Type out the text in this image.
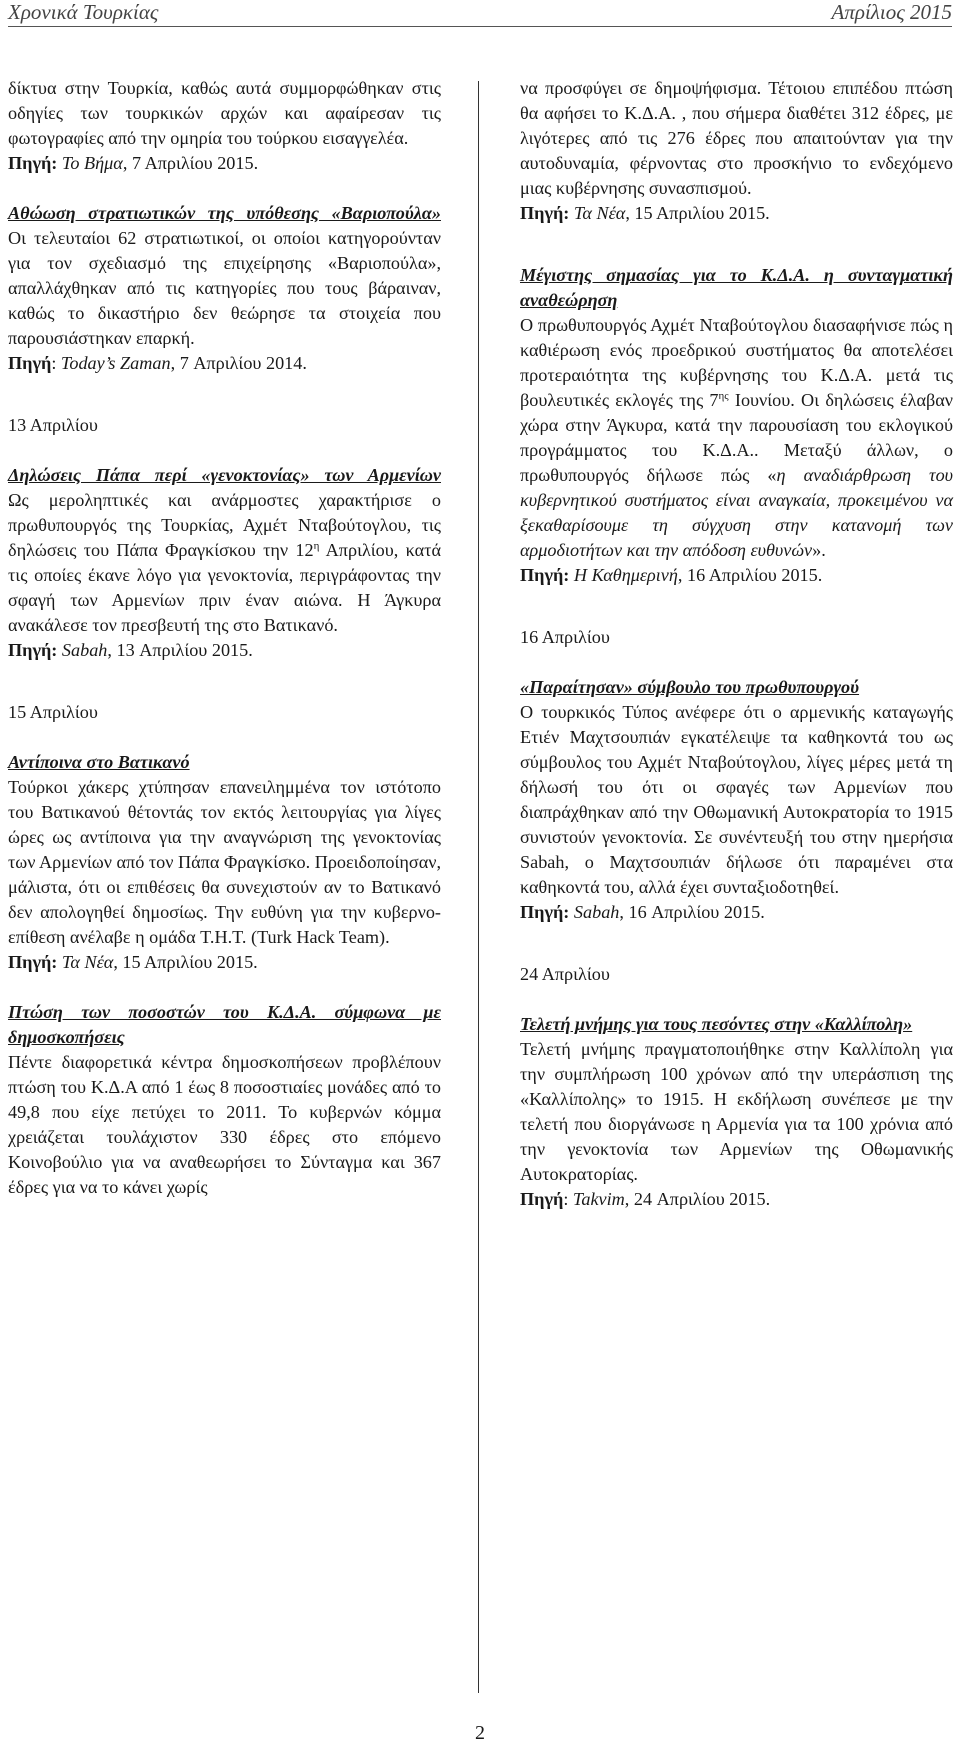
Χρονικά Τουρκίας	Απρίλιος 2015

δίκτυα στην Τουρκία, καθώς αυτά συμμορφώθηκαν στις οδηγίες των τουρκικών αρχών και αφαίρεσαν τις φωτογραφίες από την ομηρία του τούρκου εισαγγελέα.

Πηγή: Το Βήμα, 7 Απριλίου 2015.

Αθώωση στρατιωτικών της υπόθεσης «Βαριοπούλα»

Οι τελευταίοι 62 στρατιωτικοί, οι οποίοι κατηγορούνταν για τον σχεδιασμό της επιχείρησης «Βαριοπούλα», απαλλάχθηκαν από τις κατηγορίες που τους βάραιναν, καθώς το δικαστήριο δεν θεώρησε τα στοιχεία που παρουσιάστηκαν επαρκή.

Πηγή: Today’s Zaman, 7 Απριλίου 2014.

13 Απριλίου

Δηλώσεις Πάπα περί «γενοκτονίας» των Αρμενίων

Ως μεροληπτικές και ανάρμοστες χαρακτήρισε ο πρωθυπουργός της Τουρκίας, Αχμέτ Νταβούτογλου, τις δηλώσεις του Πάπα Φραγκίσκου την $12^\eta$ Απριλίου, κατά τις οποίες έκανε λόγο για γενοκτονία, περιγράφοντας την σφαγή των Αρμενίων πριν έναν αιώνα. Η Άγκυρα ανακάλεσε τον πρεσβευτή της στο Βατικανό.

Πηγή: Sabah, 13 Απριλίου 2015.

15 Απριλίου

Αντίποινα στο Βατικανό

Τούρκοι χάκερς χτύπησαν επανειλημμένα τον ιστότοπο του Βατικανού θέτοντάς τον εκτός λειτουργίας για λίγες ώρες ως αντίποινα για την αναγνώριση της γενοκτονίας των Αρμενίων από τον Πάπα Φραγκίσκο. Προειδοποίησαν, μάλιστα, ότι οι επιθέσεις θα συνεχιστούν αν το Βατικανό δεν απολογηθεί δημοσίως. Την ευθύνη για την κυβερνο-επίθεση ανέλαβε η ομάδα T.H.T. (Turk Hack Team).

Πηγή: Τα Νέα, 15 Απριλίου 2015.

Πτώση των ποσοστών του Κ.Δ.Α. σύμφωνα με δημοσκοπήσεις

Πέντε διαφορετικά κέντρα δημοσκοπήσεων προβλέπουν πτώση του Κ.Δ.Α από 1 έως 8 ποσοστιαίες μονάδες από το 49,8 που είχε πετύχει το 2011. Το κυβερνών κόμμα χρειάζεται τουλάχιστον 330 έδρες στο επόμενο Κοινοβούλιο για να αναθεωρήσει το Σύνταγμα και 367 έδρες για να το κάνει χωρίς

να προσφύγει σε δημοψήφισμα. Τέτοιου επιπέδου πτώση θα αφήσει το Κ.Δ.Α. , που σήμερα διαθέτει 312 έδρες, με λιγότερες από τις 276 έδρες που απαιτούνταν για την αυτοδυναμία, φέρνοντας στο προσκήνιο το ενδεχόμενο μιας κυβέρνησης συνασπισμού.

Πηγή: Τα Νέα, 15 Απριλίου 2015.

Μέγιστης σημασίας για το Κ.Δ.Α. η συνταγματική αναθεώρηση

Ο πρωθυπουργός Αχμέτ Νταβούτογλου διασαφήνισε πώς η καθιέρωση ενός προεδρικού συστήματος θα αποτελέσει προτεραιότητα της κυβέρνησης του Κ.Δ.Α. μετά τις βουλευτικές εκλογές της $7^{\eta\varsigma}$ Ιουνίου. Οι δηλώσεις έλαβαν χώρα στην Άγκυρα, κατά την παρουσίαση του εκλογικού προγράμματος του Κ.Δ.Α.. Μεταξύ άλλων, ο πρωθυπουργός δήλωσε πώς «η αναδιάρθρωση του κυβερνητικού συστήματος είναι αναγκαία, προκειμένου να ξεκαθαρίσουμε τη σύγχυση στην κατανομή των αρμοδιοτήτων και την απόδοση ευθυνών».

Πηγή: Η Καθημερινή, 16 Απριλίου 2015.

16 Απριλίου

«Παραίτησαν» σύμβουλο του πρωθυπουργού

Ο τουρκικός Τύπος ανέφερε ότι ο αρμενικής καταγωγής Ετιέν Μαχτσουπιάν εγκατέλειψε τα καθηκοντά του ως σύμβουλος του Αχμέτ Νταβούτογλου, λίγες μέρες μετά τη δήλωσή του ότι οι σφαγές των Αρμενίων που διαπράχθηκαν από την Οθωμανική Αυτοκρατορία το 1915 συνιστούν γενοκτονία. Σε συνέντευξή του στην ημερήσια Sabah, ο Μαχτσουπιάν δήλωσε ότι παραμένει στα καθηκοντά του, αλλά έχει συνταξιοδοτηθεί.

Πηγή: Sabah, 16 Απριλίου 2015.

24 Απριλίου

Τελετή μνήμης για τους πεσόντες στην «Καλλίπολη»

Τελετή μνήμης πραγματοποιήθηκε στην Καλλίπολη για την συμπλήρωση 100 χρόνων από την υπεράσπιση της «Καλλίπολης» το 1915. Η εκδήλωση συνέπεσε με την τελετή που διοργάνωσε η Αρμενία για τα 100 χρόνια από την γενοκτονία των Αρμενίων της Οθωμανικής Αυτοκρατορίας.

Πηγή: Takvim, 24 Απριλίου 2015.

2
